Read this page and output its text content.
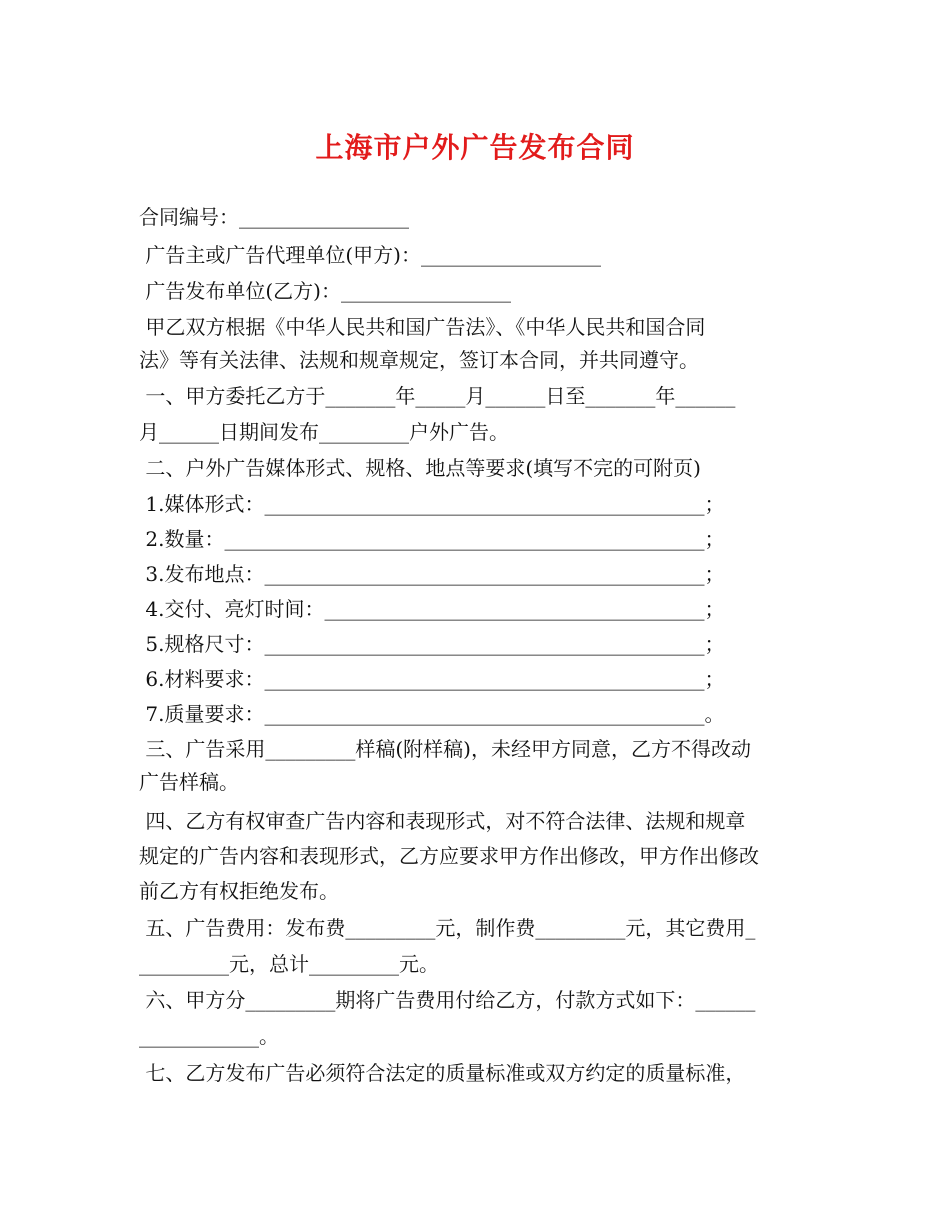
上海市户外广告发布合同
合同编号：_________________
广告主或广告代理单位(甲方)：__________________
广告发布单位(乙方)：_________________
甲乙双方根据《中华人民共和国广告法》、《中华人民共和国合同
法》等有关法律、法规和规章规定，签订本合同，并共同遵守。
一、甲方委托乙方于_______年_____月______日至_______年______
月______日期间发布_________户外广告。
二、户外广告媒体形式、规格、地点等要求(填写不完的可附页)
1.媒体形式：____________________________________________；
2.数量：________________________________________________；
3.发布地点：____________________________________________；
4.交付、亮灯时间：______________________________________；
5.规格尺寸：____________________________________________；
6.材料要求：____________________________________________；
7.质量要求：____________________________________________。
三、广告采用_________样稿(附样稿)，未经甲方同意，乙方不得改动
广告样稿。
四、乙方有权审查广告内容和表现形式，对不符合法律、法规和规章
规定的广告内容和表现形式，乙方应要求甲方作出修改，甲方作出修改
前乙方有权拒绝发布。
五、广告费用：发布费_________元，制作费_________元，其它费用_
_________元，总计_________元。
六、甲方分_________期将广告费用付给乙方，付款方式如下：______
____________。
七、乙方发布广告必须符合法定的质量标准或双方约定的质量标准，
